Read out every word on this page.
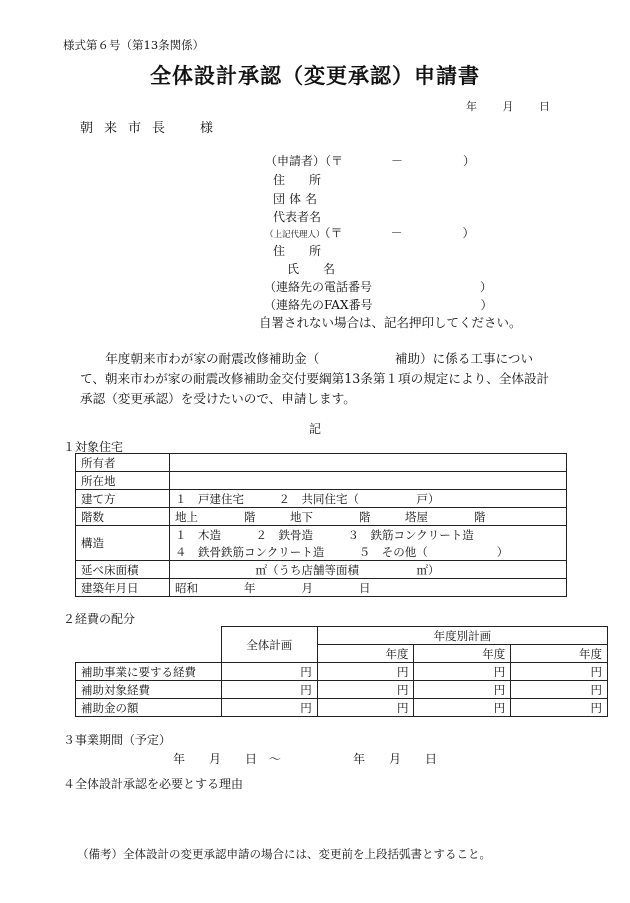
様式第６号（第13条関係）
全体設計承認（変更承認）申請書
年 月 日
朝来市長　様
（申請者）（〒　　　　－　　　　　）
住　　所
団体名
代表者名
（上記代理人）（〒　　　　－　　　　　）
住　　所
氏　　名
（連絡先の電話番号　　　　　　　　　）
（連絡先のFAX番号　　　　　　　　　）
自署されない場合は、記名押印してください。
　　年度朝来市わが家の耐震改修補助金（　　　　　　補助）に係る工事について、朝来市わが家の耐震改修補助金交付要綱第13条第１項の規定により、全体設計承認（変更承認）を受けたいので、申請します。
記
１対象住宅
所有者	
所在地	
建て方	１　戸建住宅　　　２　共同住宅（　　　　　戸）
階数	地上　　　　階　　　地下　　　　階　　　塔屋　　　　階
構造	１　木造　　　２　鉄骨造　　　３　鉄筋コンクリート造
	４　鉄骨鉄筋コンクリート造　　　５　その他（　　　　　　）
延べ床面積	　　　　　　　㎡（うち店舗等面積　　　　　㎡）
建築年月日	昭和　　　　年　　　　月　　　　日
２経費の配分
	全体計画	年度別計画		
		年度	年度	年度
補助事業に要する経費	円	円	円	円
補助対象経費	円	円	円	円
補助金の額	円	円	円	円
３事業期間（予定）
年　　月　　日　～　　　　　　年　　月　　日
４全体設計承認を必要とする理由
（備考）全体設計の変更承認申請の場合には、変更前を上段括弧書とすること。
